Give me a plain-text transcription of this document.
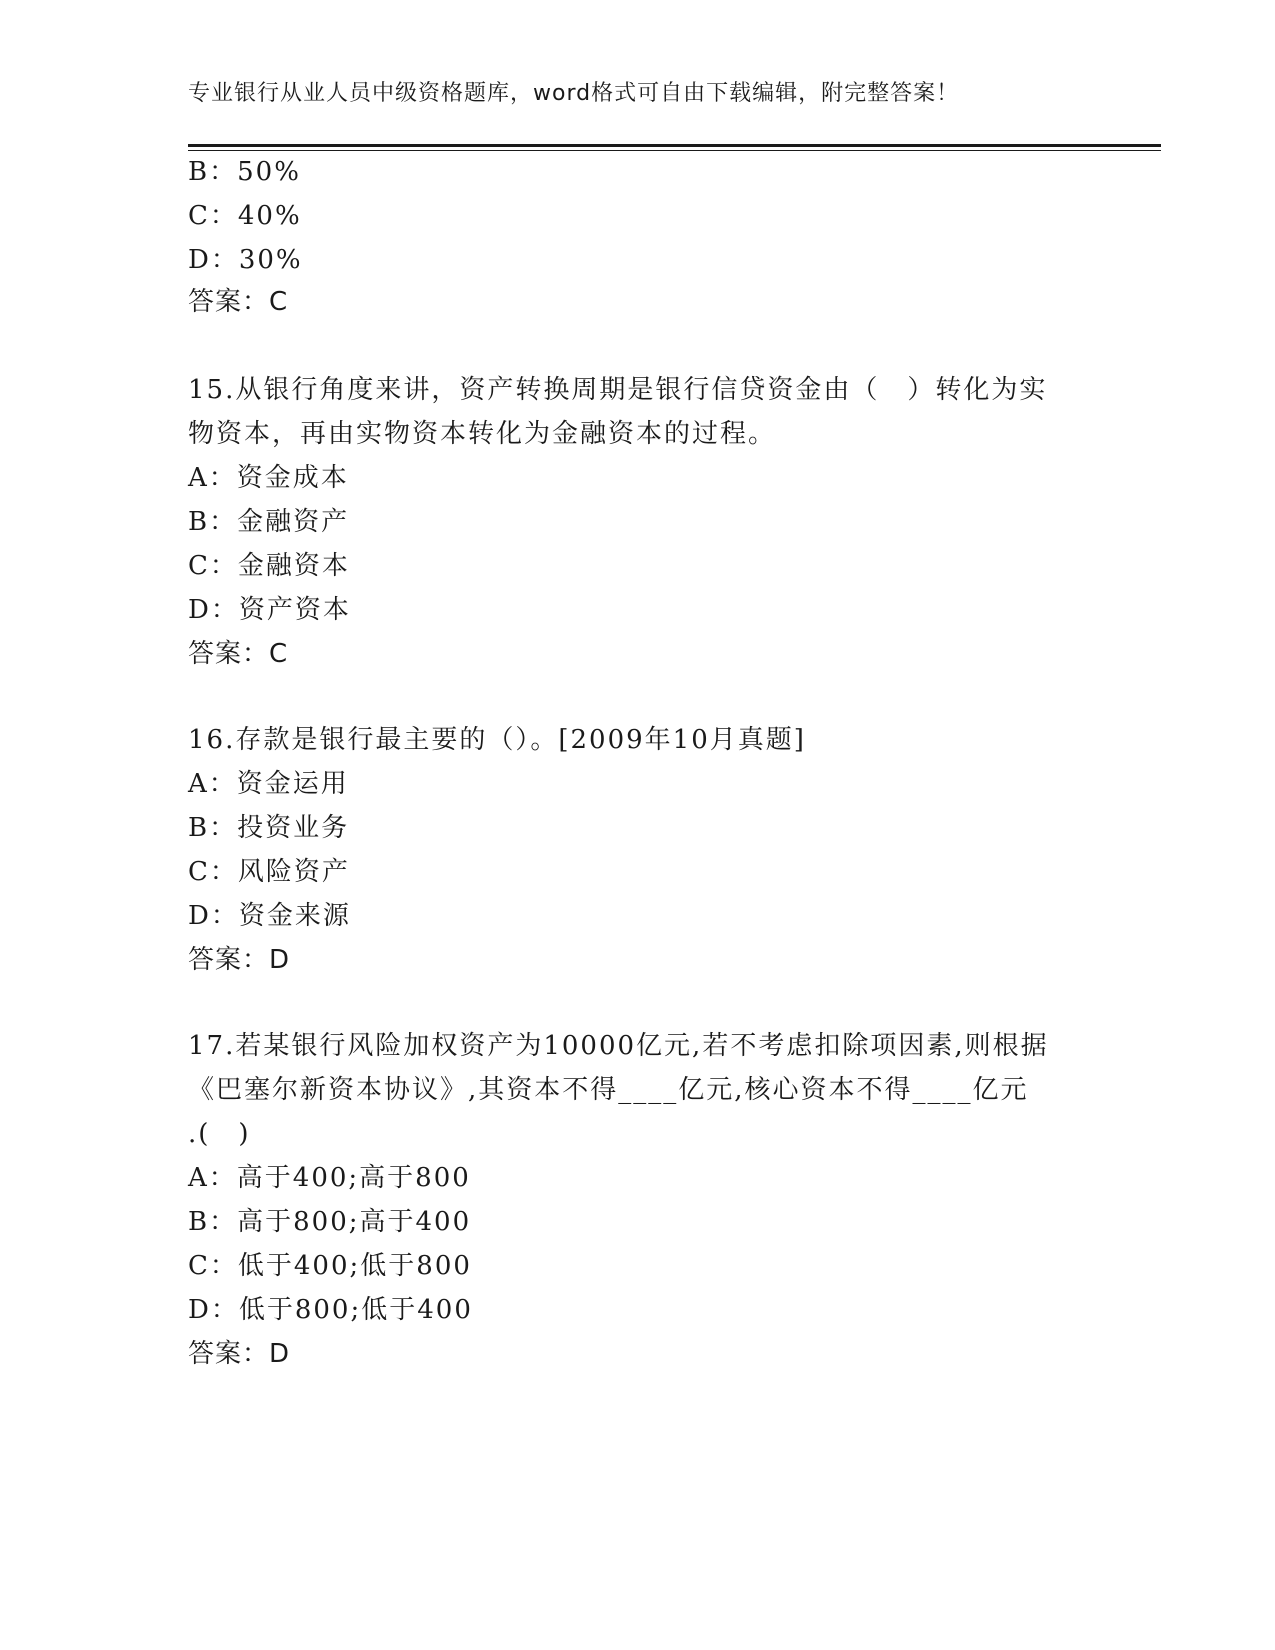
专业银行从业人员中级资格题库，word格式可自由下载编辑，附完整答案！
B：50%
C：40%
D：30%
答案：C
15.从银行角度来讲，资产转换周期是银行信贷资金由（　）转化为实
物资本，再由实物资本转化为金融资本的过程。
A：资金成本
B：金融资产
C：金融资本
D：资产资本
答案：C
16.存款是银行最主要的（）。[2009年10月真题]
A：资金运用
B：投资业务
C：风险资产
D：资金来源
答案：D
17.若某银行风险加权资产为10000亿元,若不考虑扣除项因素,则根据
《巴塞尔新资本协议》,其资本不得____亿元,核心资本不得____亿元
.(　)
A：高于400;高于800
B：高于800;高于400
C：低于400;低于800
D：低于800;低于400
答案：D
